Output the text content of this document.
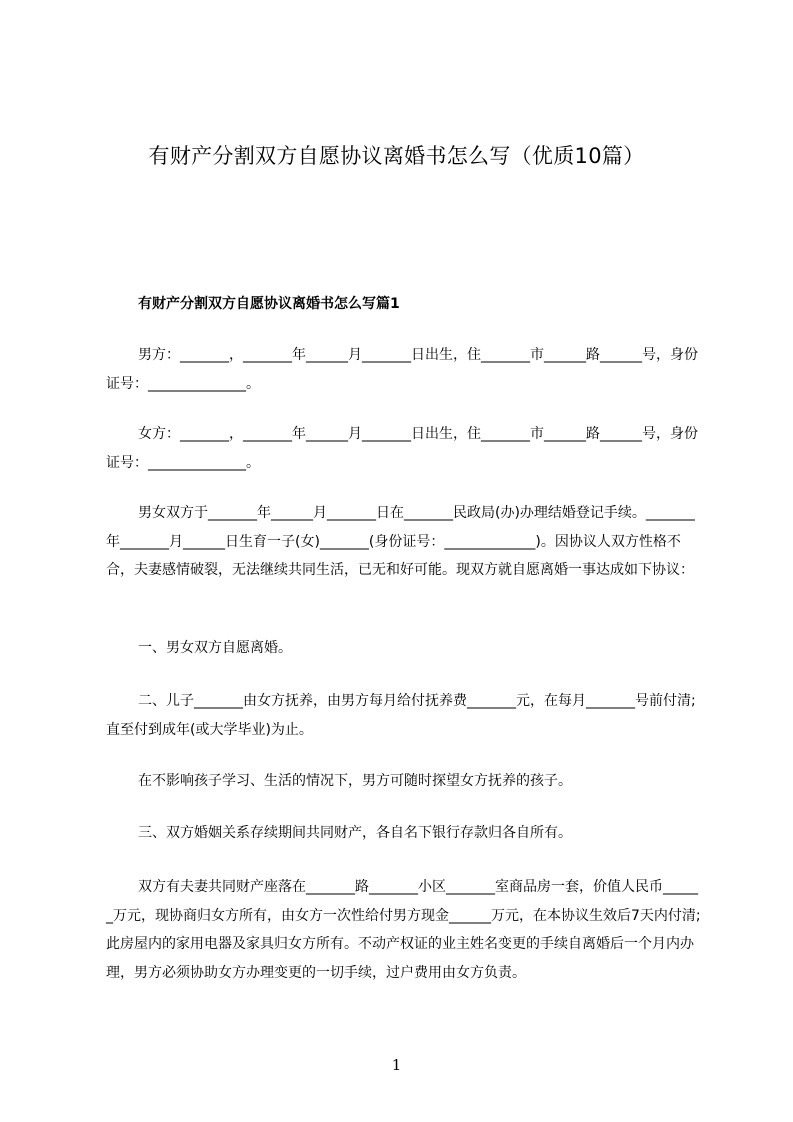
有财产分割双方自愿协议离婚书怎么写（优质10篇）
有财产分割双方自愿协议离婚书怎么写篇1

男方：_______，_______年______月_______日出生，住_______市______路______号，身份证号：______________。

女方：_______，_______年______月_______日出生，住_______市______路______号，身份证号：______________。

男女双方于_______年______月_______日在_______民政局(办)办理结婚登记手续。_______年_______月______日生育一子(女)_______(身份证号：_____________)。因协议人双方性格不合，夫妻感情破裂，无法继续共同生活，已无和好可能。现双方就自愿离婚一事达成如下协议：

一、男女双方自愿离婚。

二、儿子_______由女方抚养，由男方每月给付抚养费_______元，在每月_______号前付清;直至付到成年(或大学毕业)为止。

在不影响孩子学习、生活的情况下，男方可随时探望女方抚养的孩子。

三、双方婚姻关系存续期间共同财产，各自名下银行存款归各自所有。

双方有夫妻共同财产座落在_______路_______小区_______室商品房一套，价值人民币______万元，现协商归女方所有，由女方一次性给付男方现金______万元，在本协议生效后7天内付清;此房屋内的家用电器及家具归女方所有。不动产权证的业主姓名变更的手续自离婚后一个月内办理，男方必须协助女方办理变更的一切手续，过户费用由女方负责。

1
